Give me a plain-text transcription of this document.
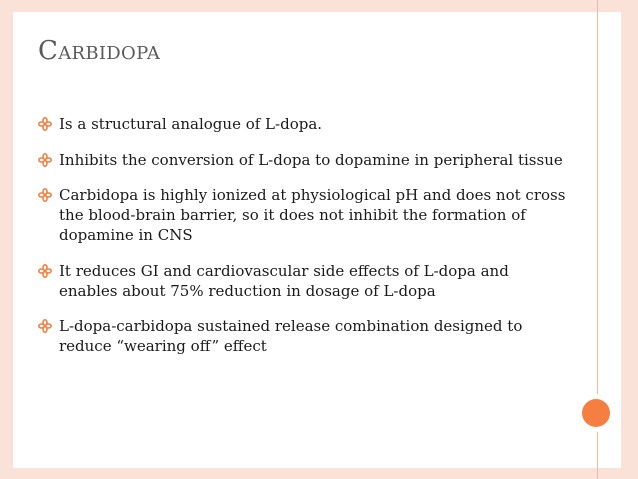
Carbidopa
Is a structural analogue of L-dopa.
Inhibits the conversion of L-dopa to dopamine in peripheral tissue
Carbidopa is highly ionized at physiological pH and does not cross the blood-brain barrier, so it does not inhibit the formation of dopamine in CNS
It reduces GI and cardiovascular side effects of L-dopa and enables about 75% reduction in dosage of L-dopa
L-dopa-carbidopa sustained release combination designed to reduce “wearing off” effect
